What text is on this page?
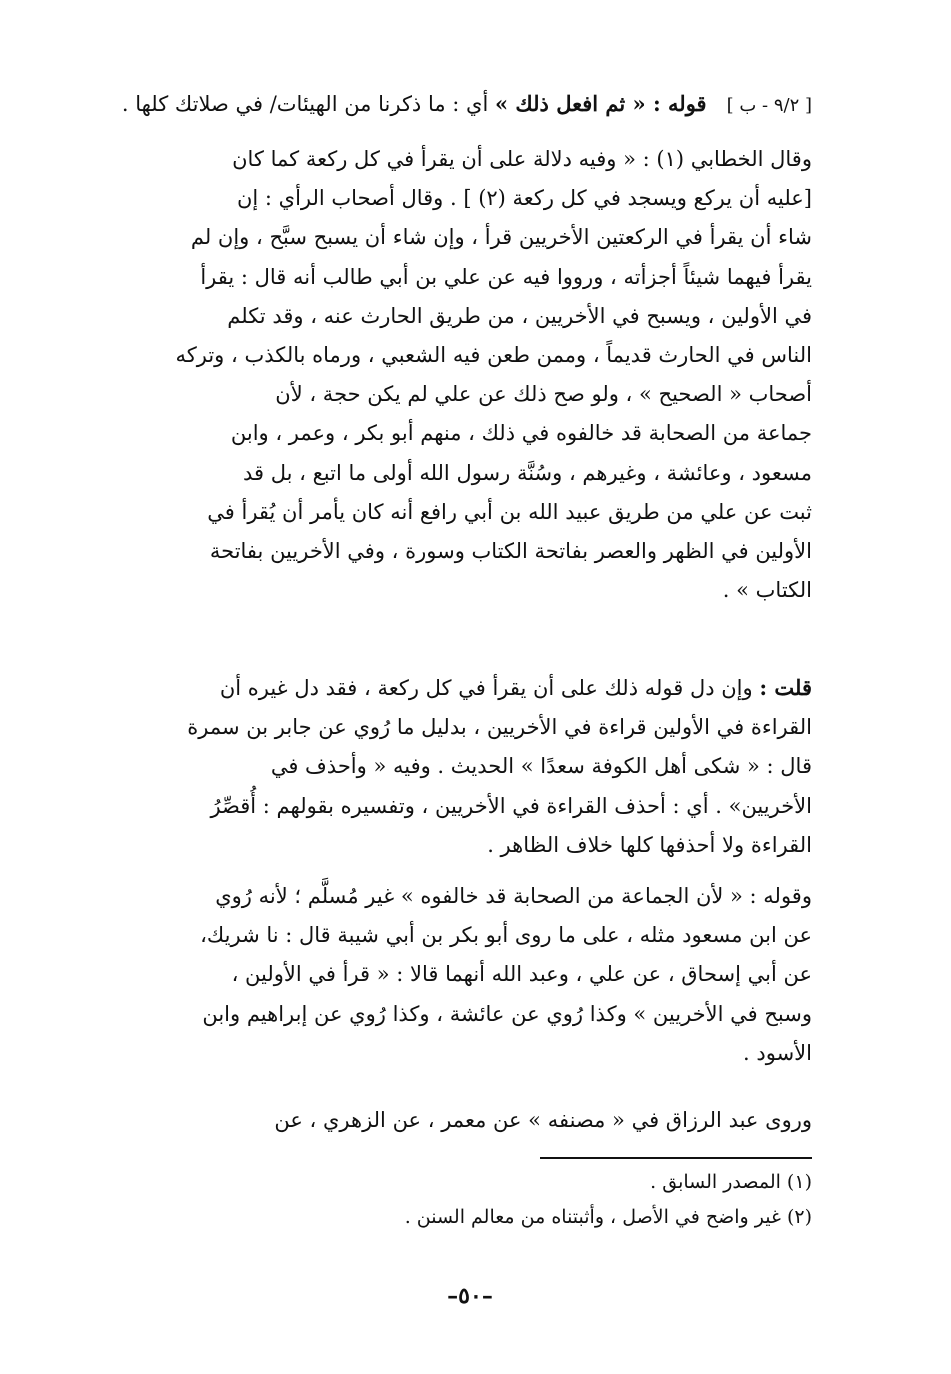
[ ٩/٢ - ب ]   قوله : « ثم افعل ذلك » أي : ما ذكرنا من الهيئات/ في صلاتك كلها .
وقال الخطابي (١) : « وفيه دلالة على أن يقرأ في كل ركعة كما كان
[عليه أن يركع ويسجد في كل ركعة (٢) ] . وقال أصحاب الرأي : إن
شاء أن يقرأ في الركعتين الأخريين قرأ ، وإن شاء أن يسبح سبَّح ، وإن لم
يقرأ فيهما شيئاً أجزأته ، ورووا فيه عن علي بن أبي طالب أنه قال : يقرأ
في الأولين ، ويسبح في الأخريين ، من طريق الحارث عنه ، وقد تكلم
الناس في الحارث قديماً ، وممن طعن فيه الشعبي ، ورماه بالكذب ، وتركه
أصحاب « الصحيح » ، ولو صح ذلك عن علي لم يكن حجة ، لأن
جماعة من الصحابة قد خالفوه في ذلك ، منهم أبو بكر ، وعمر ، وابن
مسعود ، وعائشة ، وغيرهم ، وسُنَّة رسول الله أولى ما اتبع ، بل قد
ثبت عن علي من طريق عبيد الله بن أبي رافع أنه كان يأمر أن يُقرأ في
الأولين في الظهر والعصر بفاتحة الكتاب وسورة ، وفي الأخريين بفاتحة
الكتاب » .
قلت : وإن دل قوله ذلك على أن يقرأ في كل ركعة ، فقد دل غيره أن
القراءة في الأولين قراءة في الأخريين ، بدليل ما رُوي عن جابر بن سمرة
قال : « شكى أهل الكوفة سعدًا » الحديث . وفيه « وأحذف في
الأخريين» . أي : أحذف القراءة في الأخريين ، وتفسيره بقولهم : أُقصِّرُ
القراءة ولا أحذفها كلها خلاف الظاهر .
وقوله : « لأن الجماعة من الصحابة قد خالفوه » غير مُسلَّم ؛ لأنه رُوي
عن ابن مسعود مثله ، على ما روى أبو بكر بن أبي شيبة قال : نا شريك،
عن أبي إسحاق ، عن علي ، وعبد الله أنهما قالا : « قرأ في الأولين ،
وسبح في الأخريين » وكذا رُوي عن عائشة ، وكذا رُوي عن إبراهيم وابن
الأسود .
وروى عبد الرزاق في « مصنفه » عن معمر ، عن الزهري ، عن
(١) المصدر السابق .
(٢) غير واضح في الأصل ، وأثبتناه من معالم السنن .
–٥٠–
